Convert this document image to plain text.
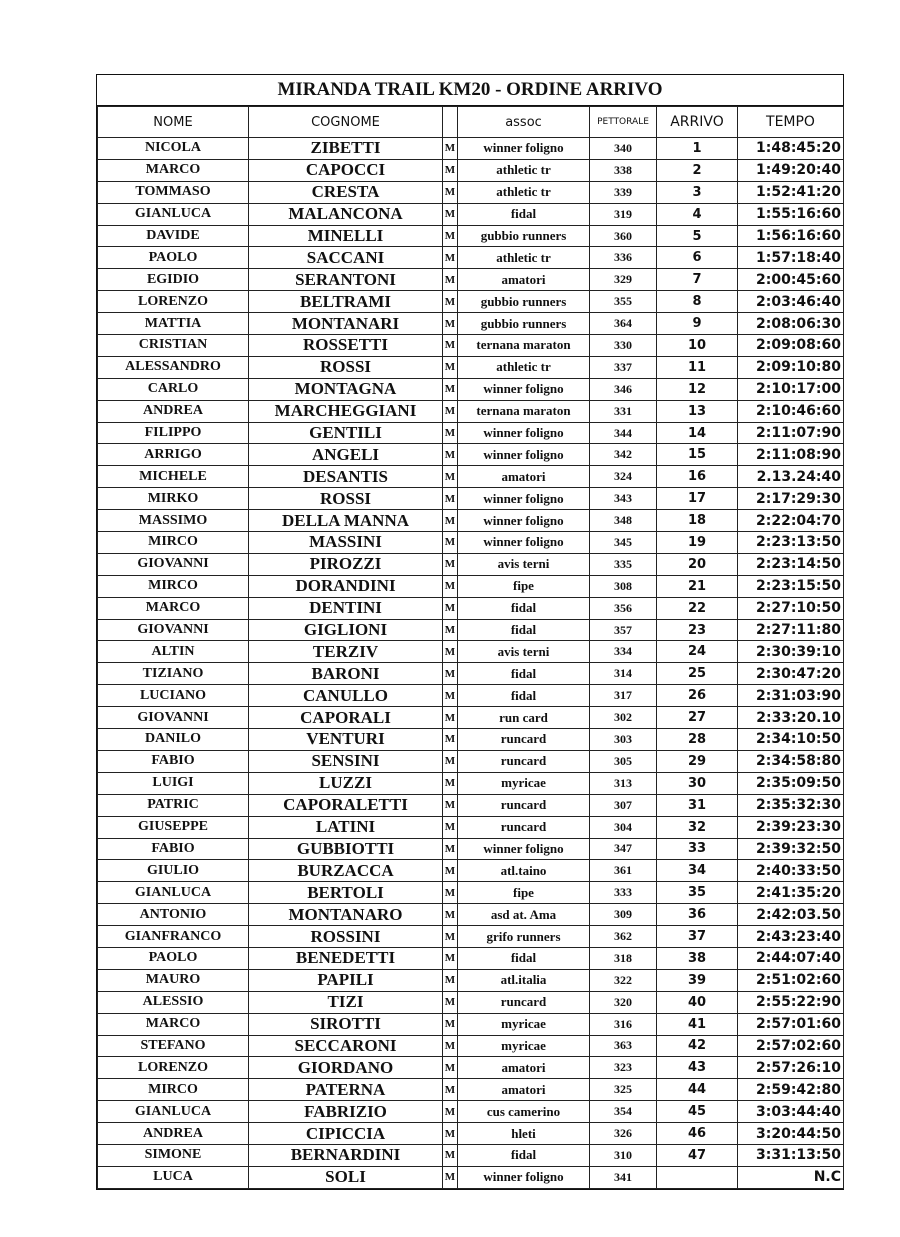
MIRANDA TRAIL KM20 - ORDINE ARRIVO
NOME	COGNOME		assoc	PETTORALE	ARRIVO	TEMPO
NICOLA	ZIBETTI	M	winner foligno	340	1	1:48:45:20
MARCO	CAPOCCI	M	athletic tr	338	2	1:49:20:40
TOMMASO	CRESTA	M	athletic tr	339	3	1:52:41:20
GIANLUCA	MALANCONA	M	fidal	319	4	1:55:16:60
DAVIDE	MINELLI	M	gubbio runners	360	5	1:56:16:60
PAOLO	SACCANI	M	athletic tr	336	6	1:57:18:40
EGIDIO	SERANTONI	M	amatori	329	7	2:00:45:60
LORENZO	BELTRAMI	M	gubbio runners	355	8	2:03:46:40
MATTIA	MONTANARI	M	gubbio runners	364	9	2:08:06:30
CRISTIAN	ROSSETTI	M	ternana maraton	330	10	2:09:08:60
ALESSANDRO	ROSSI	M	athletic tr	337	11	2:09:10:80
CARLO	MONTAGNA	M	winner foligno	346	12	2:10:17:00
ANDREA	MARCHEGGIANI	M	ternana maraton	331	13	2:10:46:60
FILIPPO	GENTILI	M	winner foligno	344	14	2:11:07:90
ARRIGO	ANGELI	M	winner foligno	342	15	2:11:08:90
MICHELE	DESANTIS	M	amatori	324	16	2.13.24:40
MIRKO	ROSSI	M	winner foligno	343	17	2:17:29:30
MASSIMO	DELLA MANNA	M	winner foligno	348	18	2:22:04:70
MIRCO	MASSINI	M	winner foligno	345	19	2:23:13:50
GIOVANNI	PIROZZI	M	avis terni	335	20	2:23:14:50
MIRCO	DORANDINI	M	fipe	308	21	2:23:15:50
MARCO	DENTINI	M	fidal	356	22	2:27:10:50
GIOVANNI	GIGLIONI	M	fidal	357	23	2:27:11:80
ALTIN	TERZIV	M	avis terni	334	24	2:30:39:10
TIZIANO	BARONI	M	fidal	314	25	2:30:47:20
LUCIANO	CANULLO	M	fidal	317	26	2:31:03:90
GIOVANNI	CAPORALI	M	run card	302	27	2:33:20.10
DANILO	VENTURI	M	runcard	303	28	2:34:10:50
FABIO	SENSINI	M	runcard	305	29	2:34:58:80
LUIGI	LUZZI	M	myricae	313	30	2:35:09:50
PATRIC	CAPORALETTI	M	runcard	307	31	2:35:32:30
GIUSEPPE	LATINI	M	runcard	304	32	2:39:23:30
FABIO	GUBBIOTTI	M	winner foligno	347	33	2:39:32:50
GIULIO	BURZACCA	M	atl.taino	361	34	2:40:33:50
GIANLUCA	BERTOLI	M	fipe	333	35	2:41:35:20
ANTONIO	MONTANARO	M	asd at. Ama	309	36	2:42:03.50
GIANFRANCO	ROSSINI	M	grifo runners	362	37	2:43:23:40
PAOLO	BENEDETTI	M	fidal	318	38	2:44:07:40
MAURO	PAPILI	M	atl.italia	322	39	2:51:02:60
ALESSIO	TIZI	M	runcard	320	40	2:55:22:90
MARCO	SIROTTI	M	myricae	316	41	2:57:01:60
STEFANO	SECCARONI	M	myricae	363	42	2:57:02:60
LORENZO	GIORDANO	M	amatori	323	43	2:57:26:10
MIRCO	PATERNA	M	amatori	325	44	2:59:42:80
GIANLUCA	FABRIZIO	M	cus camerino	354	45	3:03:44:40
ANDREA	CIPICCIA	M	hleti	326	46	3:20:44:50
SIMONE	BERNARDINI	M	fidal	310	47	3:31:13:50
LUCA	SOLI	M	winner foligno	341		N.C
